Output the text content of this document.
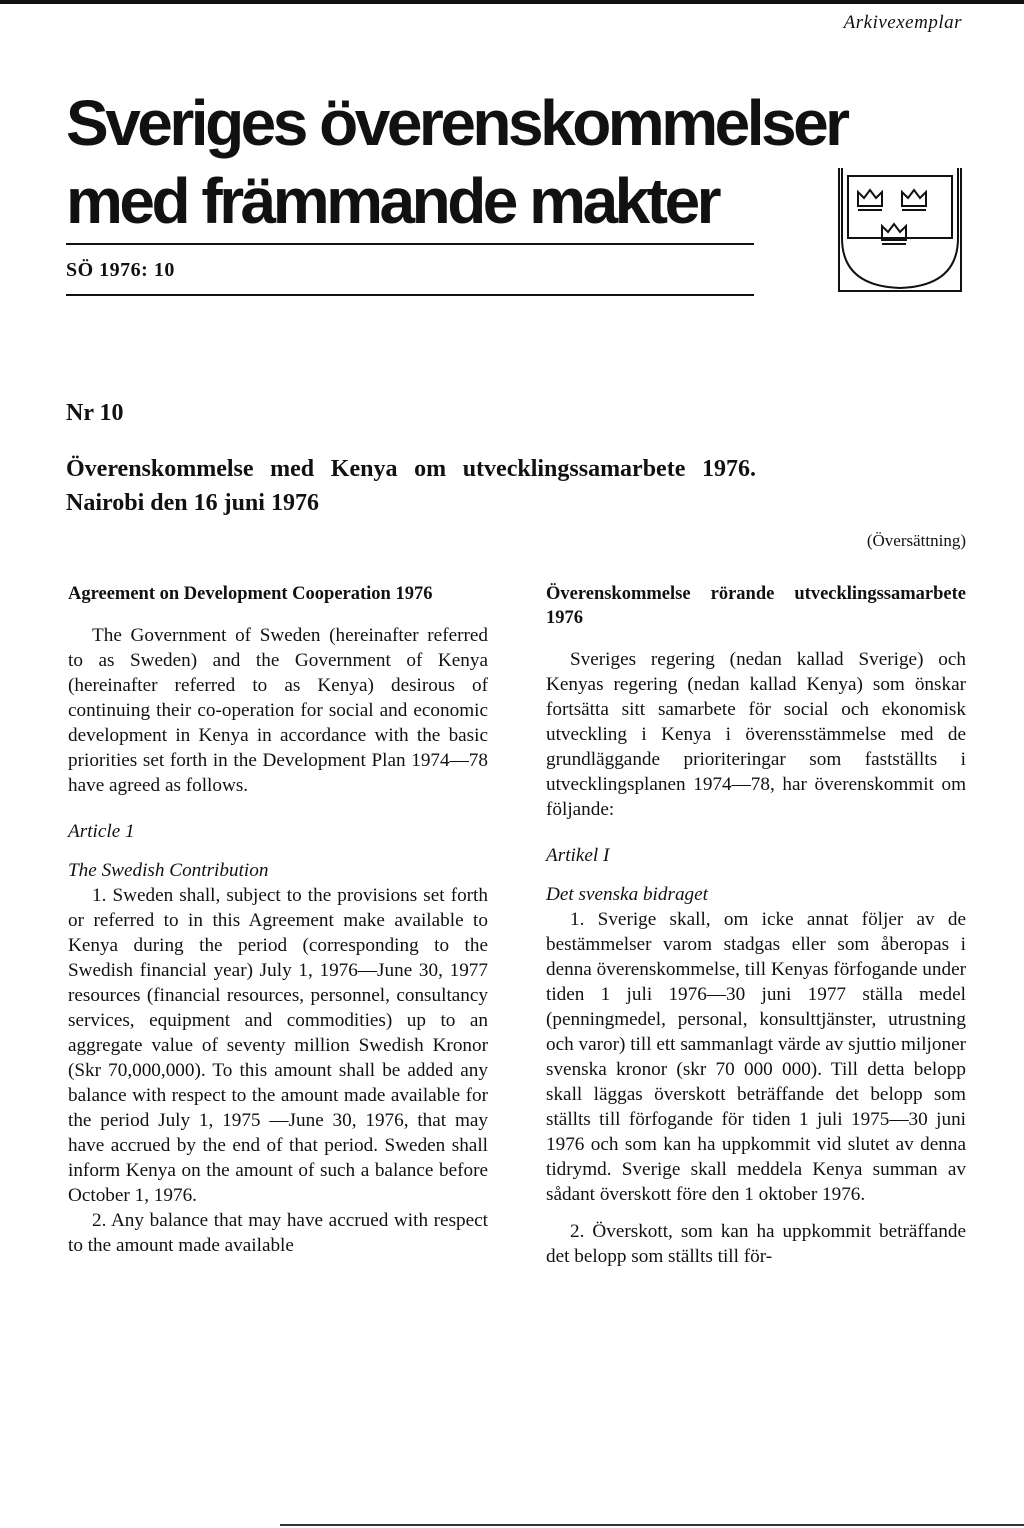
Arkivexemplar
Sveriges överenskommelser
med främmande makter
SÖ 1976: 10
Nr 10
Överenskommelse med Kenya om utvecklingssamarbete 1976. Nairobi den 16 juni 1976
(Översättning)
Agreement on Development Cooperation 1976

The Government of Sweden (hereinafter referred to as Sweden) and the Government of Kenya (hereinafter referred to as Kenya) desirous of continuing their co-operation for social and economic development in Kenya in accordance with the basic priorities set forth in the Development Plan 1974—78 have agreed as follows.

Article 1

The Swedish Contribution

1. Sweden shall, subject to the provisions set forth or referred to in this Agreement make available to Kenya during the period (corresponding to the Swedish financial year) July 1, 1976—June 30, 1977 resources (financial resources, personnel, consultancy services, equipment and commodities) up to an aggregate value of seventy million Swedish Kronor (Skr 70,000,000). To this amount shall be added any balance with respect to the amount made available for the period July 1, 1975 —June 30, 1976, that may have accrued by the end of that period. Sweden shall inform Kenya on the amount of such a balance before October 1, 1976.

2. Any balance that may have accrued with respect to the amount made available

Överenskommelse rörande utvecklingssamarbete 1976

Sveriges regering (nedan kallad Sverige) och Kenyas regering (nedan kallad Kenya) som önskar fortsätta sitt samarbete för social och ekonomisk utveckling i Kenya i överensstämmelse med de grundläggande prioriteringar som fastställts i utvecklingsplanen 1974—78, har överenskommit om följande:

Artikel I

Det svenska bidraget

1. Sverige skall, om icke annat följer av de bestämmelser varom stadgas eller som åberopas i denna överenskommelse, till Kenyas förfogande under tiden 1 juli 1976—30 juni 1977 ställa medel (penningmedel, personal, konsulttjänster, utrustning och varor) till ett sammanlagt värde av sjuttio miljoner svenska kronor (skr 70 000 000). Till detta belopp skall läggas överskott beträffande det belopp som ställts till förfogande för tiden 1 juli 1975—30 juni 1976 och som kan ha uppkommit vid slutet av denna tidrymd. Sverige skall meddela Kenya summan av sådant överskott före den 1 oktober 1976.

2. Överskott, som kan ha uppkommit beträffande det belopp som ställts till för-
